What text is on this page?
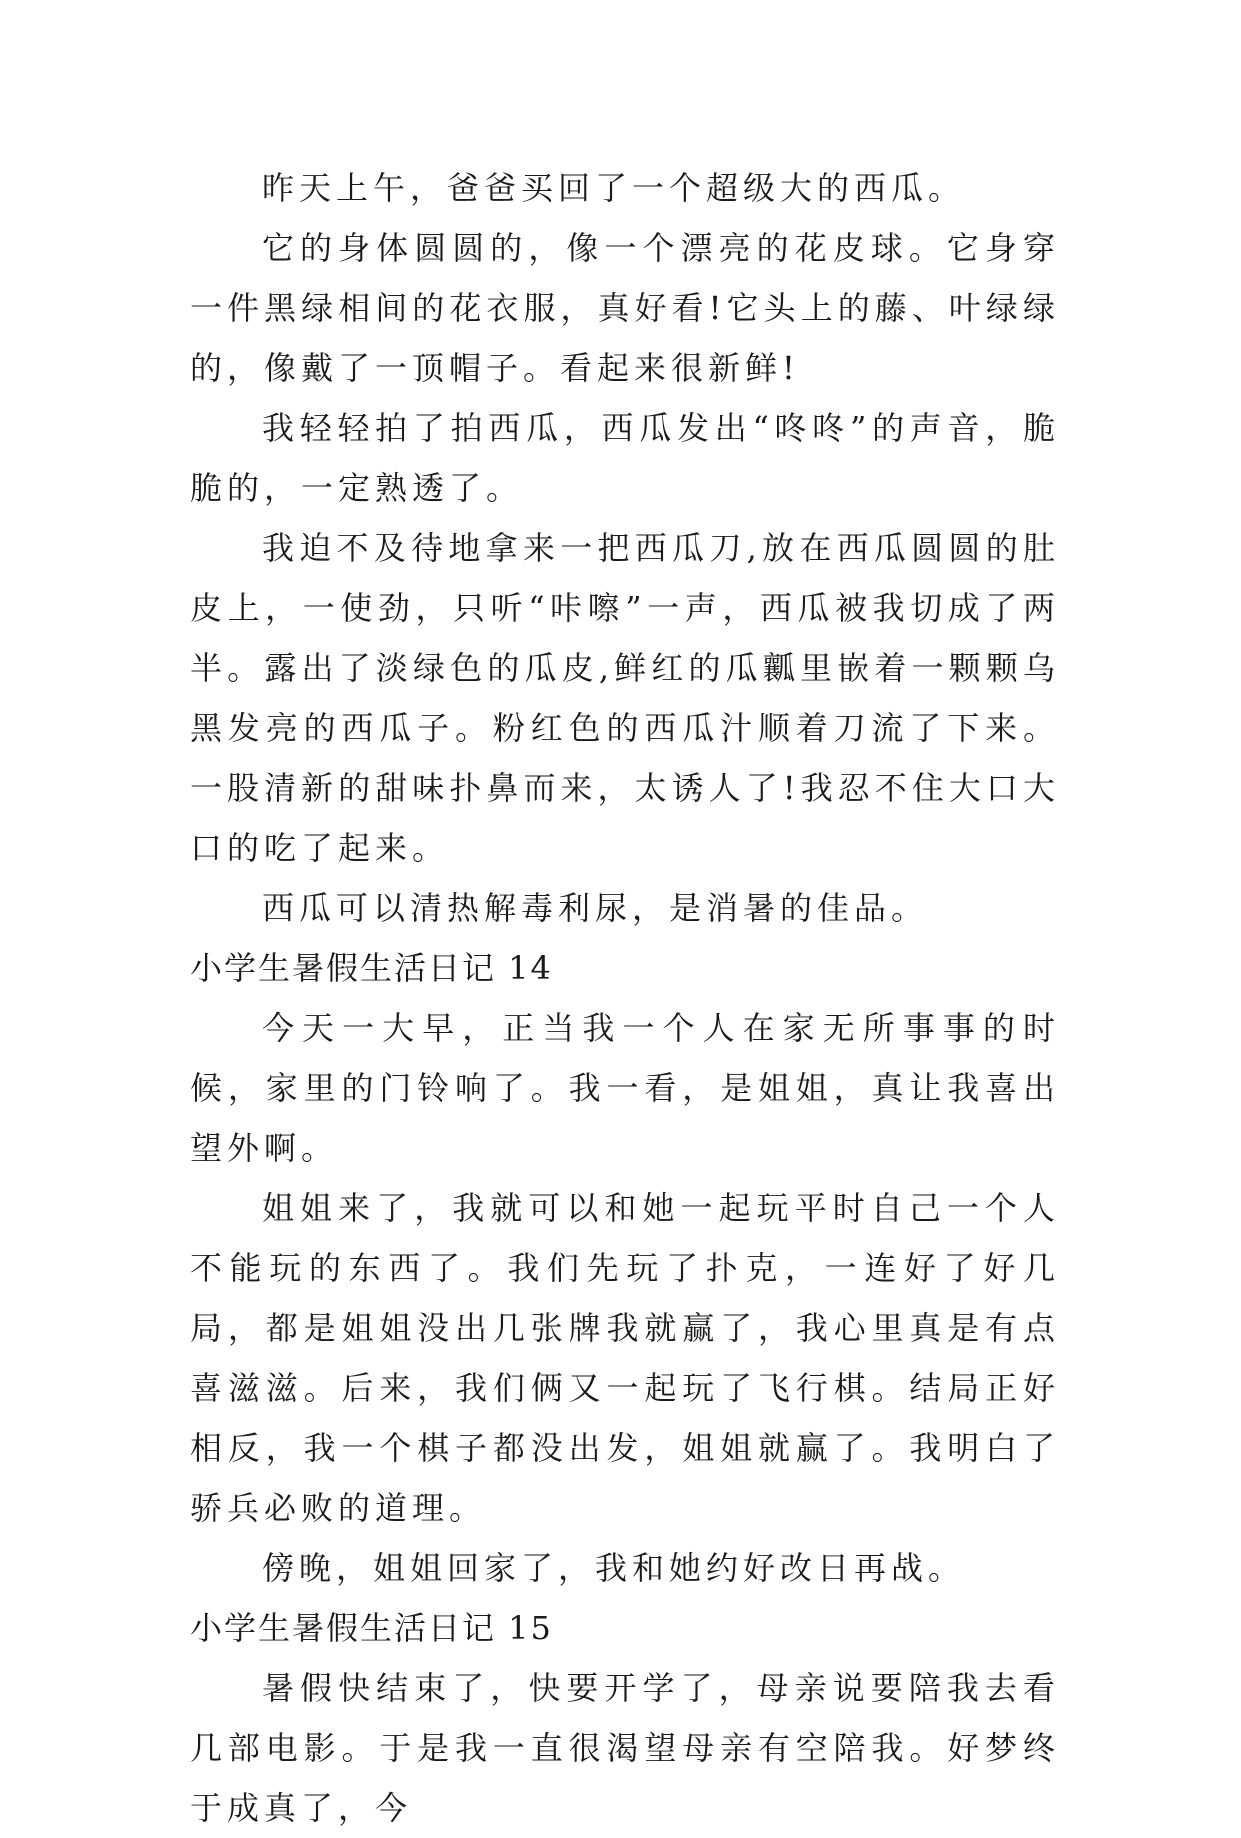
昨天上午，爸爸买回了一个超级大的西瓜。

它的身体圆圆的，像一个漂亮的花皮球。它身穿一件黑绿相间的花衣服，真好看!它头上的藤、叶绿绿的，像戴了一顶帽子。看起来很新鲜!

我轻轻拍了拍西瓜，西瓜发出“咚咚”的声音，脆脆的，一定熟透了。

我迫不及待地拿来一把西瓜刀,放在西瓜圆圆的肚皮上，一使劲，只听“咔嚓”一声，西瓜被我切成了两半。露出了淡绿色的瓜皮,鲜红的瓜瓤里嵌着一颗颗乌黑发亮的西瓜子。粉红色的西瓜汁顺着刀流了下来。一股清新的甜味扑鼻而来，太诱人了!我忍不住大口大口的吃了起来。

西瓜可以清热解毒利尿，是消暑的佳品。

小学生暑假生活日记 14

今天一大早，正当我一个人在家无所事事的时候，家里的门铃响了。我一看，是姐姐，真让我喜出望外啊。

姐姐来了，我就可以和她一起玩平时自己一个人不能玩的东西了。我们先玩了扑克，一连好了好几局，都是姐姐没出几张牌我就赢了，我心里真是有点喜滋滋。后来，我们俩又一起玩了飞行棋。结局正好相反，我一个棋子都没出发，姐姐就赢了。我明白了骄兵必败的道理。

傍晚，姐姐回家了，我和她约好改日再战。

小学生暑假生活日记 15

暑假快结束了，快要开学了，母亲说要陪我去看几部电影。于是我一直很渴望母亲有空陪我。好梦终于成真了，今
